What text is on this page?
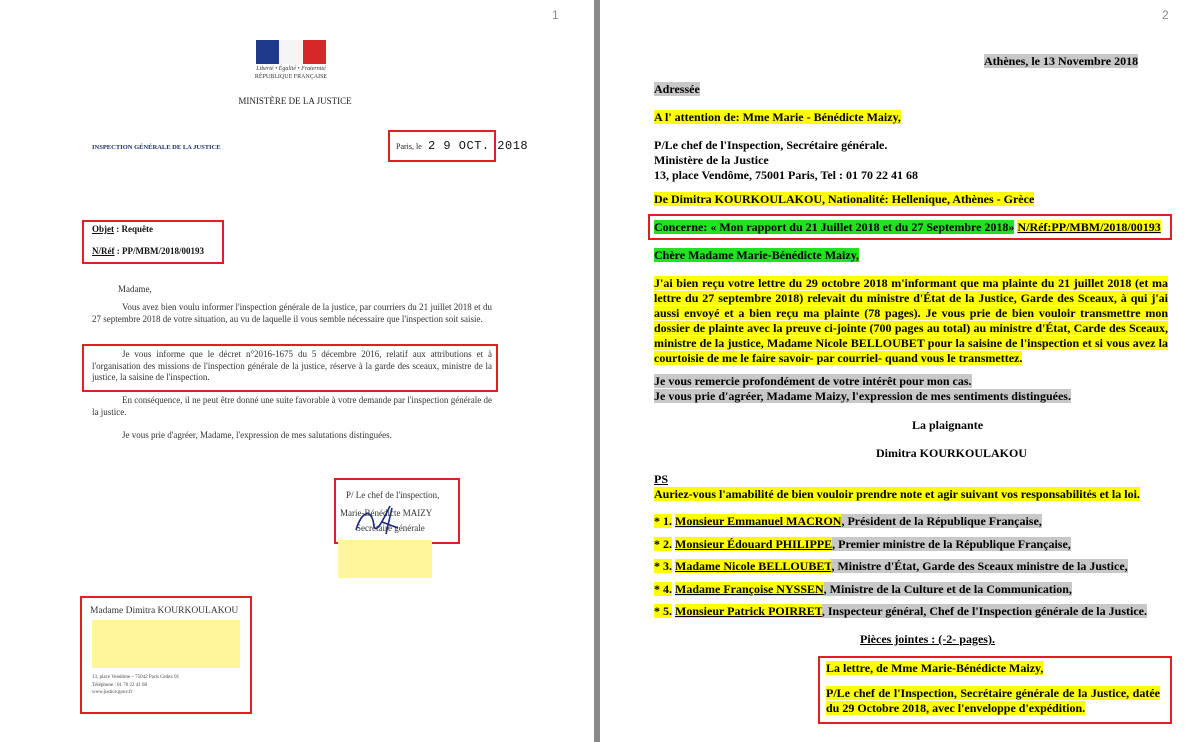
1
Liberté • Égalité • Fraternité
RÉPUBLIQUE FRANÇAISE
MINISTÈRE DE LA JUSTICE
INSPECTION GÉNÉRALE DE LA JUSTICE	Paris, le 2 9 OCT. 2018
Objet : Requête
N/Réf : PP/MBM/2018/00193
Madame,
Vous avez bien voulu informer l'inspection générale de la justice, par courriers du 21 juillet 2018 et du 27 septembre 2018 de votre situation, au vu de laquelle il vous semble nécessaire que l'inspection soit saisie.
Je vous informe que le décret n°2016-1675 du 5 décembre 2016, relatif aux attributions et à l'organisation des missions de l'inspection générale de la justice, réserve à la garde des sceaux, ministre de la justice, la saisine de l'inspection.
En conséquence, il ne peut être donné une suite favorable à votre demande par l'inspection générale de la justice.
Je vous prie d'agréer, Madame, l'expression de mes salutations distinguées.
P/ Le chef de l'inspection,
Marie-Bénédicte MAIZY
Secrétaire générale
Madame Dimitra KOURKOULAKOU
13, place Vendôme – 75042 Paris Cedex 01
Téléphone : 01 70 22 41 68
www.justice.gouv.fr
2
Athènes, le 13 Novembre 2018
Adressée
A l' attention de: Mme Marie - Bénédicte Maizy,
P/Le chef de l'Inspection, Secrétaire générale.
Ministère de la Justice
13, place Vendôme, 75001 Paris, Tel : 01 70 22 41 68
De Dimitra KOURKOULAKOU, Nationalité: Hellenique, Athènes - Grèce
Concerne: « Mon rapport du 21 Juillet 2018 et du 27 Septembre 2018» N/Réf:PP/MBM/2018/00193
Chère Madame Marie-Bénédicte Maizy,
J'ai bien reçu votre lettre du 29 octobre 2018 m'informant que ma plainte du 21 juillet 2018 (et ma lettre du 27 septembre 2018) relevait du ministre d'État de la Justice, Garde des Sceaux, à qui j'ai aussi envoyé et a bien reçu ma plainte (78 pages). Je vous prie de bien vouloir transmettre mon dossier de plainte avec la preuve ci-jointe (700 pages au total) au ministre d'État, Carde des Sceaux, ministre de la justice, Madame Nicole BELLOUBET pour la saisine de l'inspection et si vous avez la courtoisie de me le faire savoir- par courriel- quand vous le transmettez.
Je vous remercie profondément de votre intérêt pour mon cas.
Je vous prie d'agréer, Madame Maizy, l'expression de mes sentiments distinguées.
La plaignante
Dimitra KOURKOULAKOU
PS
Auriez-vous l'amabilité de bien vouloir prendre note et agir suivant vos responsabilités et la loi.
* 1. Monsieur Emmanuel MACRON, Président de la République Française,
* 2. Monsieur Édouard PHILIPPE, Premier ministre de la République Française,
* 3. Madame Nicole BELLOUBET, Ministre d'État, Garde des Sceaux ministre de la Justice,
* 4. Madame Françoise NYSSEN, Ministre de la Culture et de la Communication,
* 5. Monsieur Patrick POIRRET, Inspecteur général, Chef de l'Inspection générale de la Justice.
Pièces jointes : (-2- pages).
La lettre, de Mme Marie-Bénédicte Maizy,
P/Le chef de l'Inspection, Secrétaire générale de la Justice, datée du 29 Octobre 2018, avec l'enveloppe d'expédition.
